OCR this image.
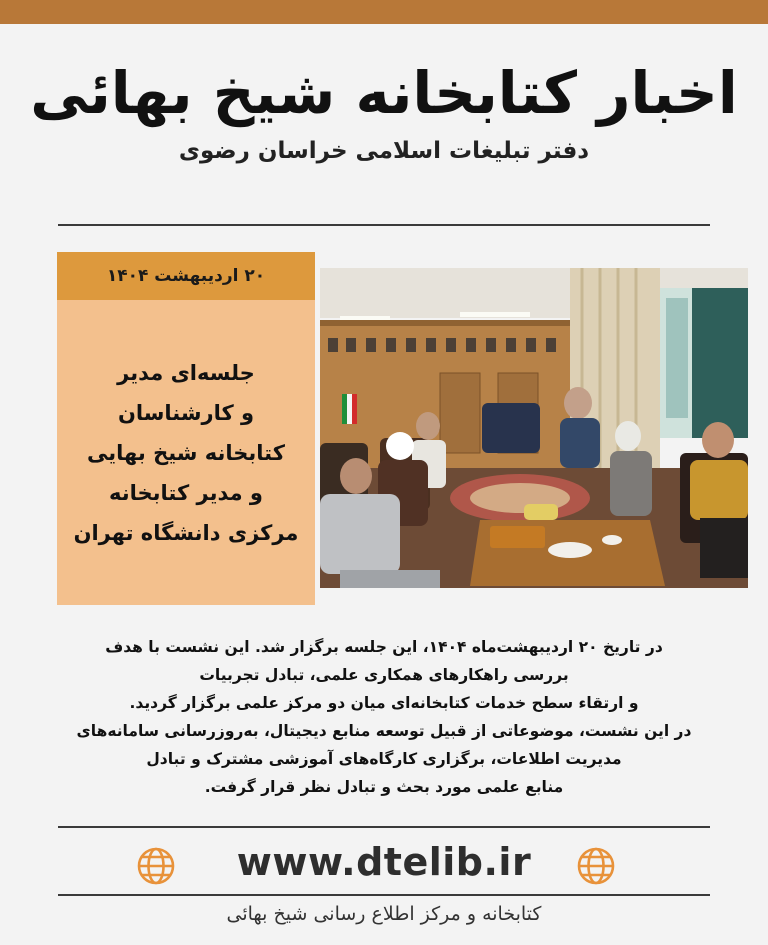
اخبار کتابخانه شیخ بهائی
دفتر تبلیغات اسلامی خراسان رضوی
۲۰ اردیبهشت ۱۴۰۴
جلسه‌ای مدیر
و کارشناسان
کتابخانه شیخ بهایی
و مدیر کتابخانه
مرکزی دانشگاه تهران
در تاریخ ۲۰ اردیبهشت‌ماه ۱۴۰۴، این جلسه برگزار شد. این نشست با هدف
بررسی راهکارهای همکاری علمی، تبادل تجربیات
و ارتقاء سطح خدمات کتابخانه‌ای میان دو مرکز علمی برگزار گردید.
در این نشست، موضوعاتی از قبیل توسعه منابع دیجیتال، به‌روزرسانی سامانه‌های
مدیریت اطلاعات، برگزاری کارگاه‌های آموزشی مشترک و تبادل
منابع علمی مورد بحث و تبادل نظر قرار گرفت.
www.dtelib.ir
کتابخانه و مرکز اطلاع رسانی شیخ بهائی
